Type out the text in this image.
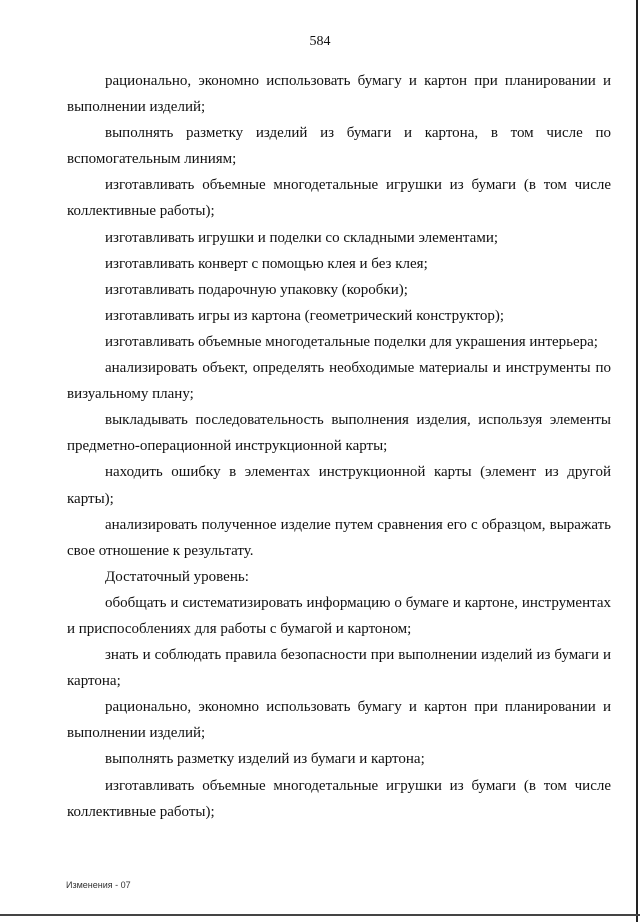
584

рационально, экономно использовать бумагу и картон при планировании и выполнении изделий;

выполнять разметку изделий из бумаги и картона, в том числе по вспомогательным линиям;

изготавливать объемные многодетальные игрушки из бумаги (в том числе коллективные работы);

изготавливать игрушки и поделки со складными элементами;

изготавливать конверт с помощью клея и без клея;

изготавливать подарочную упаковку (коробки);

изготавливать игры из картона (геометрический конструктор);

изготавливать объемные многодетальные поделки для украшения интерьера;

анализировать объект, определять необходимые материалы и инструменты по визуальному плану;

выкладывать последовательность выполнения изделия, используя элементы предметно-операционной инструкционной карты;

находить ошибку в элементах инструкционной карты (элемент из другой карты);

анализировать полученное изделие путем сравнения его с образцом, выражать свое отношение к результату.

Достаточный уровень:

обобщать и систематизировать информацию о бумаге и картоне, инструментах и приспособлениях для работы с бумагой и картоном;

знать и соблюдать правила безопасности при выполнении изделий из бумаги и картона;

рационально, экономно использовать бумагу и картон при планировании и выполнении изделий;

выполнять разметку изделий из бумаги и картона;

изготавливать объемные многодетальные игрушки из бумаги (в том числе коллективные работы);

Изменения - 07
